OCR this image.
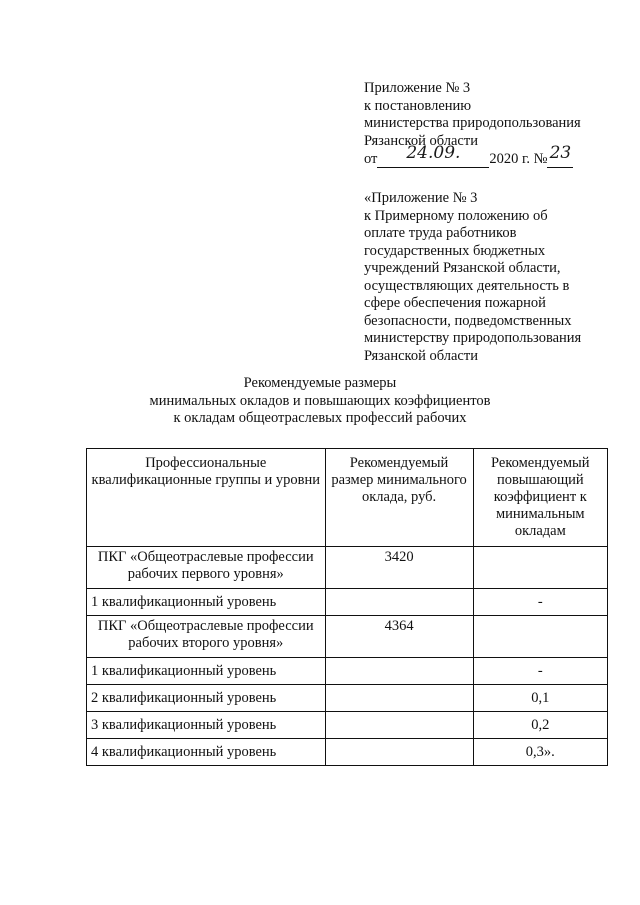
Приложение № 3
к постановлению
министерства природопользования
Рязанской области
от	24.09.	2020 г. № 23
«Приложение № 3
к Примерному положению об
оплате труда работников
государственных бюджетных
учреждений Рязанской области,
осуществляющих деятельность в
сфере обеспечения пожарной
безопасности, подведомственных
министерству природопользования
Рязанской области
Рекомендуемые размеры
минимальных окладов и повышающих коэффициентов
к окладам общеотраслевых профессий рабочих
Профессиональные квалификационные группы и уровни	Рекомендуемый размер минимального оклада, руб.	Рекомендуемый повышающий коэффициент к минимальным окладам
ПКГ «Общеотраслевые профессии рабочих первого уровня»	3420	
1 квалификационный уровень		-
ПКГ «Общеотраслевые профессии рабочих второго уровня»	4364	
1 квалификационный уровень		-
2 квалификационный уровень		0,1
3 квалификационный уровень		0,2
4 квалификационный уровень		0,3».
